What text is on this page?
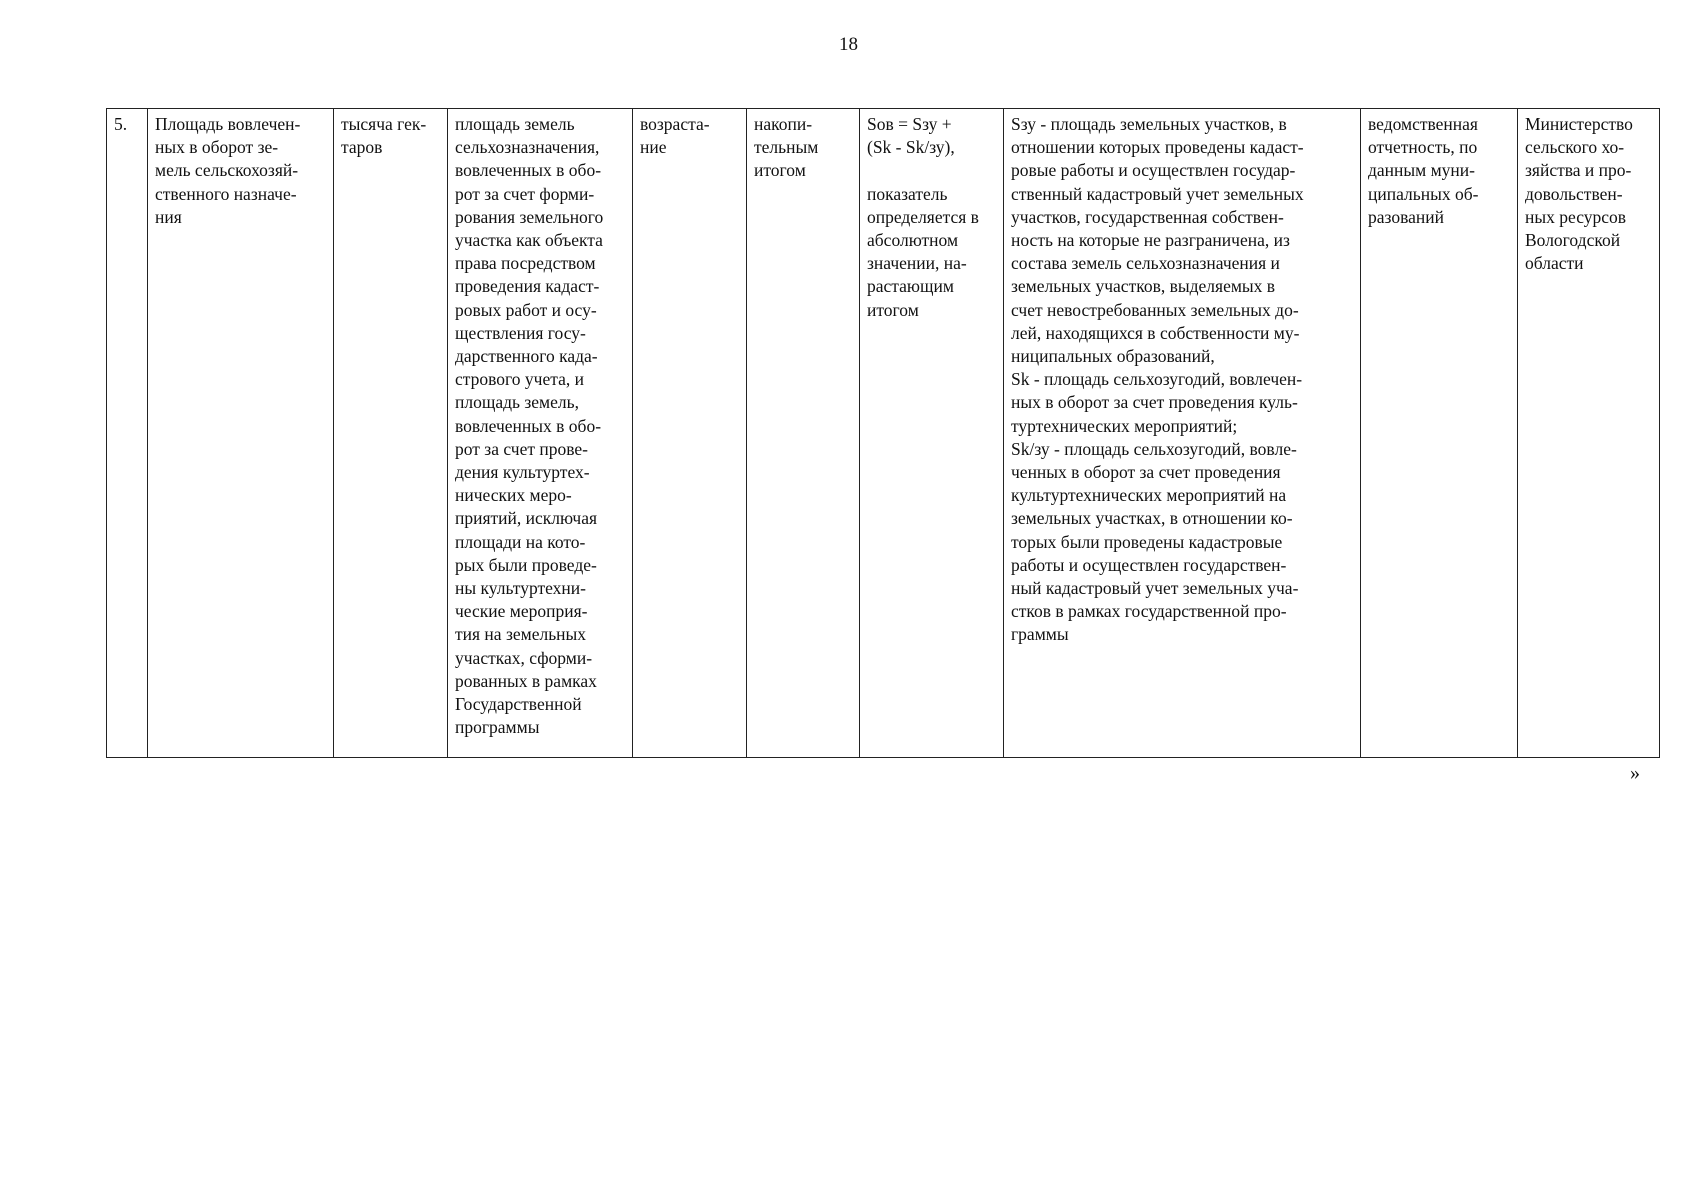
18
5.	Площадь вовлечен-
ных в оборот зе-
мель сельскохозяй-
ственного назначе-
ния	тысяча гек-
таров	площадь земель
сельхозназначения,
вовлеченных в обо-
рот за счет форми-
рования земельного
участка как объекта
права посредством
проведения кадаст-
ровых работ и осу-
ществления госу-
дарственного када-
стрового учета, и
площадь земель,
вовлеченных в обо-
рот за счет прове-
дения культуртех-
нических меро-
приятий, исключая
площади на кото-
рых были проведе-
ны культуртехни-
ческие мероприя-
тия на земельных
участках, сформи-
рованных в рамках
Государственной
программы	возраста-
ние	накопи-
тельным
итогом	Sов = Sзу +
(Sk - Sk/зу),

показатель
определяется в
абсолютном
значении, на-
растающим
итогом	Sзу - площадь земельных участков, в
отношении которых проведены кадаст-
ровые работы и осуществлен государ-
ственный кадастровый учет земельных
участков, государственная собствен-
ность на которые не разграничена, из
состава земель сельхозназначения и
земельных участков, выделяемых в
счет невостребованных земельных до-
лей, находящихся в собственности му-
ниципальных образований,
Sk - площадь сельхозугодий, вовлечен-
ных в оборот за счет проведения куль-
туртехнических мероприятий;
Sk/зу - площадь сельхозугодий, вовле-
ченных в оборот за счет проведения
культуртехнических мероприятий на
земельных участках, в отношении ко-
торых были проведены кадастровые
работы и осуществлен государствен-
ный кадастровый учет земельных уча-
стков в рамках государственной про-
граммы	ведомственная
отчетность, по
данным муни-
ципальных об-
разований	Министерство
сельского хо-
зяйства и про-
довольствен-
ных ресурсов
Вологодской
области
»
